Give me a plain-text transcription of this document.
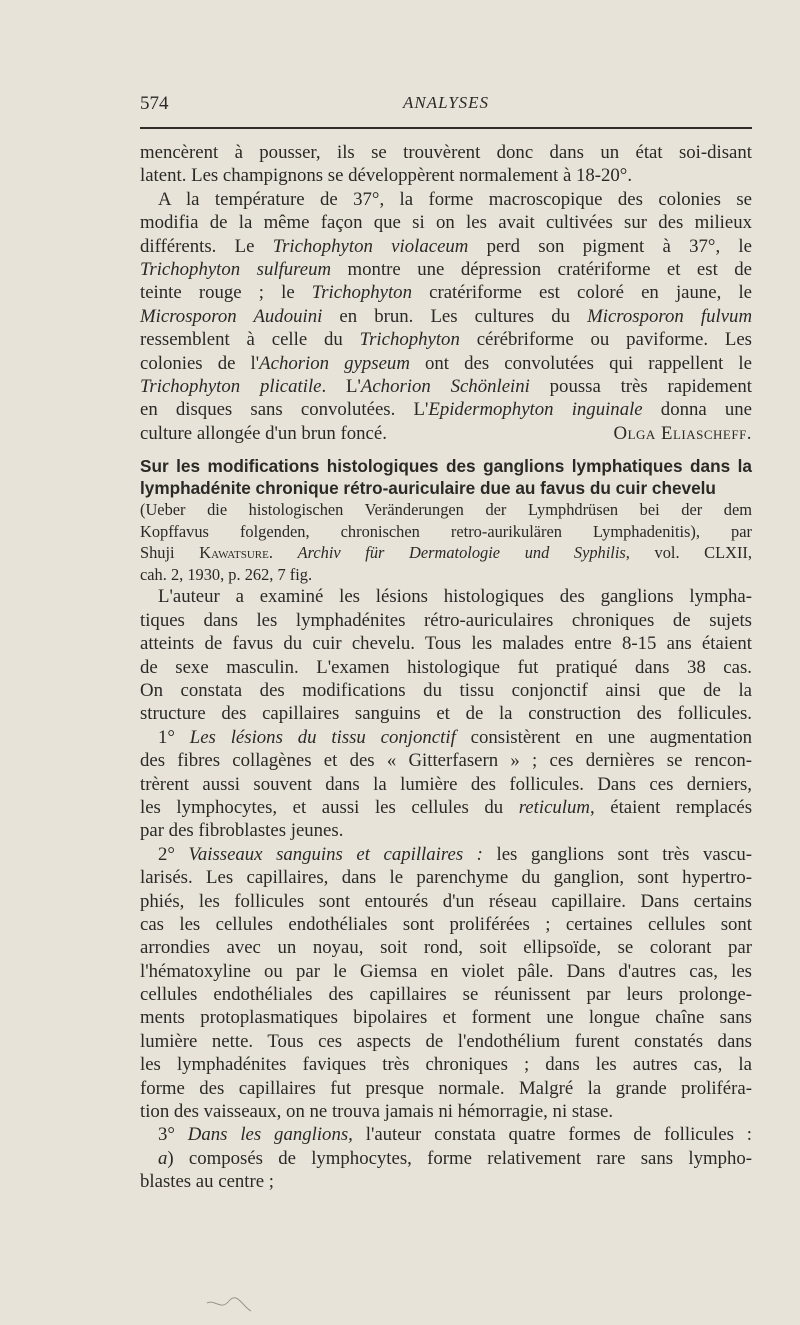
574	ANALYSES
mencèrent à pousser, ils se trouvèrent donc dans un état soi-disant
latent. Les champignons se développèrent normalement à 18-20°.
A la température de 37°, la forme macroscopique des colonies se
modifia de la même façon que si on les avait cultivées sur des milieux
différents. Le Trichophyton violaceum perd son pigment à 37°, le
Trichophyton sulfureum montre une dépression cratériforme et est de
teinte rouge ; le Trichophyton cratériforme est coloré en jaune, le
Microsporon Audouini en brun. Les cultures du Microsporon fulvum
ressemblent à celle du Trichophyton cérébriforme ou paviforme. Les
colonies de l'Achorion gypseum ont des convolutées qui rappellent le
Trichophyton plicatile. L'Achorion Schönleini poussa très rapidement
en disques sans convolutées. L'Epidermophyton inguinale donna une
culture allongée d'un brun foncé.	Olga Eliascheff.
Sur les modifications histologiques des ganglions lymphatiques dans la
lymphadénite chronique rétro-auriculaire due au favus du cuir chevelu
(Ueber die histologischen Veränderungen der Lymphdrüsen bei der dem
Kopffavus folgenden, chronischen retro-aurikulären Lymphadenitis), par
Shuji Kawatsure. Archiv für Dermatologie und Syphilis, vol. CLXII,
cah. 2, 1930, p. 262, 7 fig.
L'auteur a examiné les lésions histologiques des ganglions lympha-
tiques dans les lymphadénites rétro-auriculaires chroniques de sujets
atteints de favus du cuir chevelu. Tous les malades entre 8-15 ans étaient
de sexe masculin. L'examen histologique fut pratiqué dans 38 cas.
On constata des modifications du tissu conjonctif ainsi que de la
structure des capillaires sanguins et de la construction des follicules.
1° Les lésions du tissu conjonctif consistèrent en une augmentation
des fibres collagènes et des « Gitterfasern » ; ces dernières se rencon-
trèrent aussi souvent dans la lumière des follicules. Dans ces derniers,
les lymphocytes, et aussi les cellules du reticulum, étaient remplacés
par des fibroblastes jeunes.
2° Vaisseaux sanguins et capillaires : les ganglions sont très vascu-
larisés. Les capillaires, dans le parenchyme du ganglion, sont hypertro-
phiés, les follicules sont entourés d'un réseau capillaire. Dans certains
cas les cellules endothéliales sont proliférées ; certaines cellules sont
arrondies avec un noyau, soit rond, soit ellipsoïde, se colorant par
l'hématoxyline ou par le Giemsa en violet pâle. Dans d'autres cas, les
cellules endothéliales des capillaires se réunissent par leurs prolonge-
ments protoplasmatiques bipolaires et forment une longue chaîne sans
lumière nette. Tous ces aspects de l'endothélium furent constatés dans
les lymphadénites faviques très chroniques ; dans les autres cas, la
forme des capillaires fut presque normale. Malgré la grande proliféra-
tion des vaisseaux, on ne trouva jamais ni hémorragie, ni stase.
3° Dans les ganglions, l'auteur constata quatre formes de follicules :
a) composés de lymphocytes, forme relativement rare sans lympho-
blastes au centre ;
